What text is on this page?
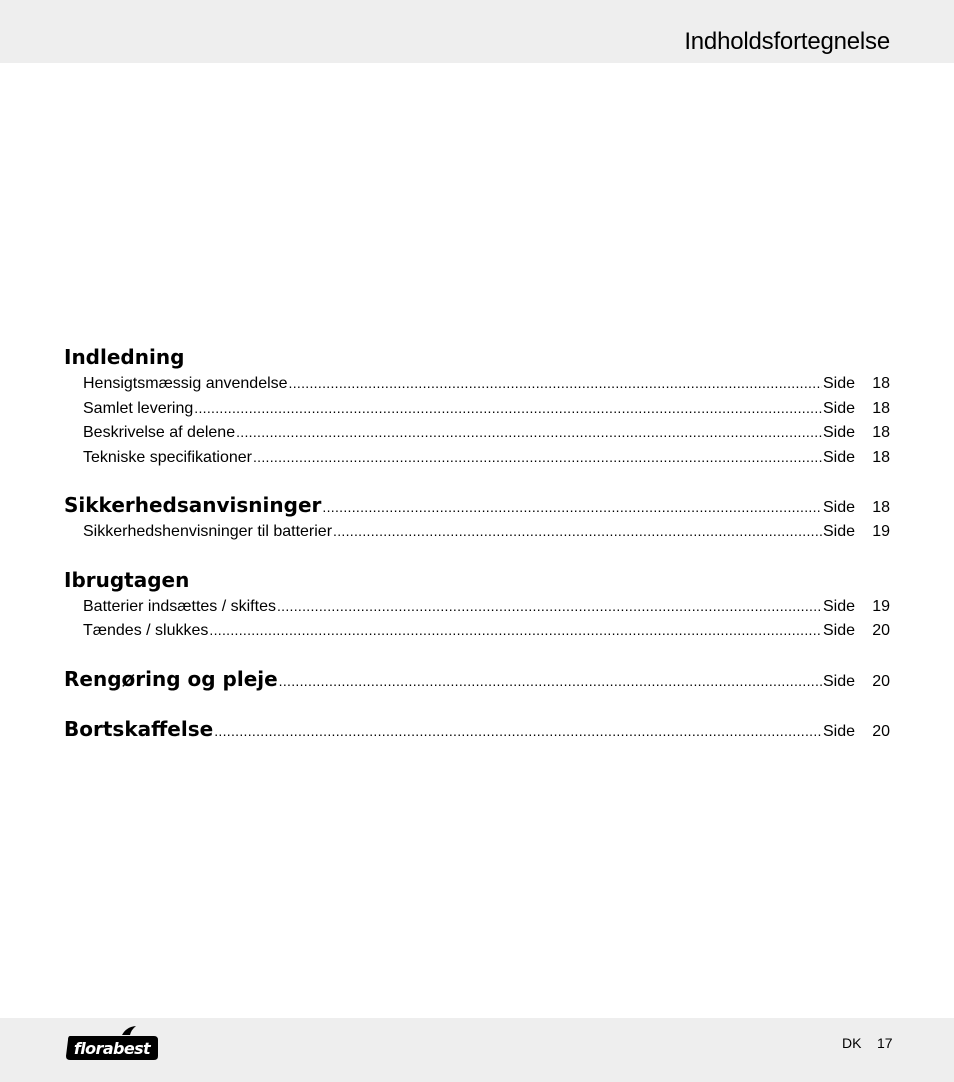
Indholdsfortegnelse
Indledning
Hensigtsmæssig anvendelse .....	Side	18
Samlet levering .....	Side	18
Beskrivelse af delene .....	Side	18
Tekniske specifikationer .....	Side	18
Sikkerhedsanvisninger .....	Side	18
Sikkerhedshenvisninger til batterier .....	Side	19
Ibrugtagen
Batterier indsættes / skiftes .....	Side	19
Tændes / slukkes .....	Side	20
Rengøring og pleje .....	Side	20
Bortskaffelse .....	Side	20
florabest	DK 17
